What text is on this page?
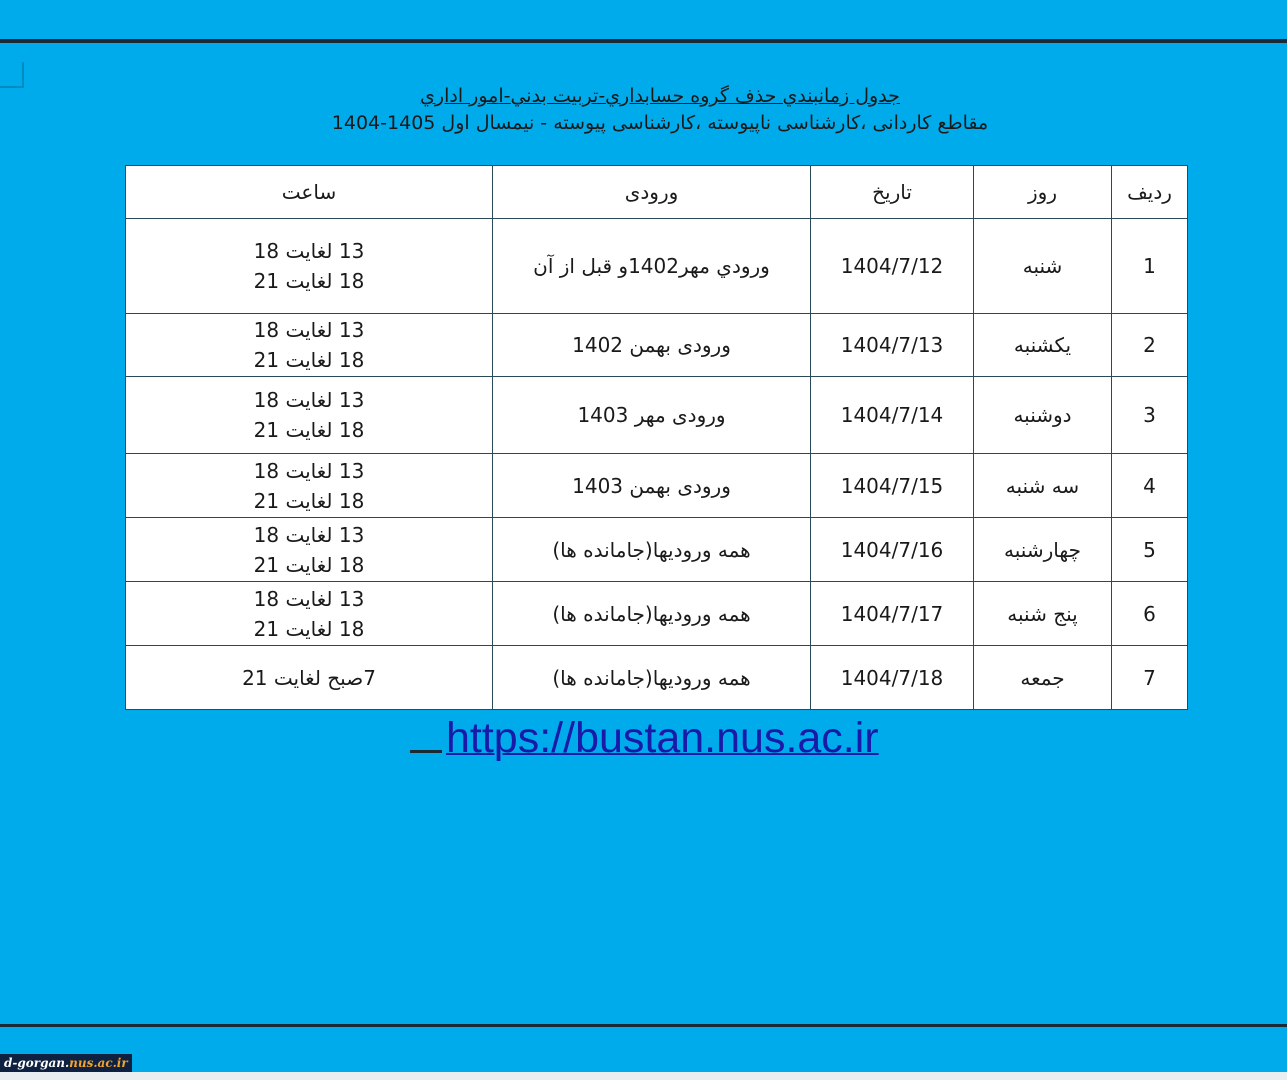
جدول زمانبندي حذف گروه حسابداري-تربيت بدني-امور اداري
مقاطع کاردانی ،کارشناسی ناپیوسته ،کارشناسی پیوسته - نیمسال اول 1405-1404
رديف	روز	تاریخ	ورودی	ساعت
1	شنبه	1404/7/12	ورودي مهر1402و قبل از آن	13 لغایت 18
18 لغایت 21

2	یکشنبه	1404/7/13	ورودی بهمن 1402	13 لغایت 18
18 لغایت 21

3	دوشنبه	1404/7/14	ورودی مهر 1403	13 لغایت 18
18 لغایت 21

4	سه شنبه	1404/7/15	ورودی بهمن 1403	13 لغایت 18
18 لغایت 21

5	چهارشنبه	1404/7/16	همه ورودیها(جامانده ها)	13 لغایت 18
18 لغایت 21

6	پنج شنبه	1404/7/17	همه ورودیها(جامانده ها)	13 لغایت 18
18 لغایت 21

7	جمعه	1404/7/18	همه ورودیها(جامانده ها)	7صبح لغایت 21
https://bustan.nus.ac.ir
d-gorgan.nus.ac.ir
